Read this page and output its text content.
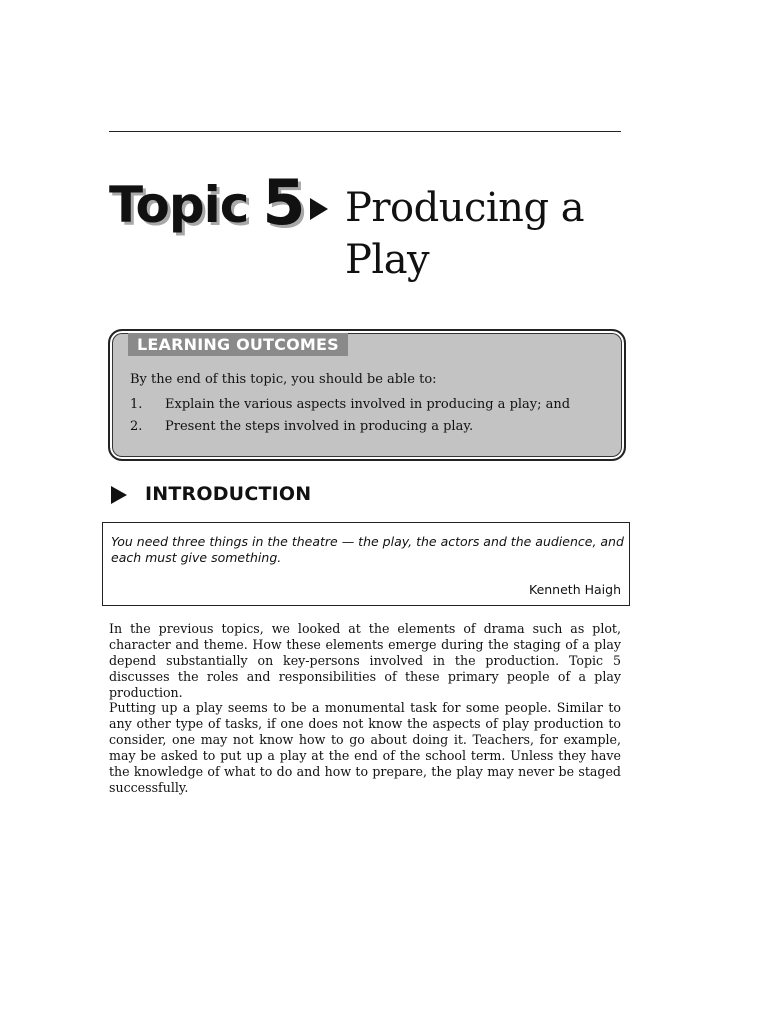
Topic 5 Producing a Play
LEARNING OUTCOMES
By the end of this topic, you should be able to:
1. Explain the various aspects involved in producing a play; and
2. Present the steps involved in producing a play.
INTRODUCTION
You need three things in the theatre — the play, the actors and the audience, and each must give something.
Kenneth Haigh
In the previous topics, we looked at the elements of drama such as plot, character and theme. How these elements emerge during the staging of a play depend substantially on key-persons involved in the production. Topic 5 discusses the roles and responsibilities of these primary people of a play production.
Putting up a play seems to be a monumental task for some people. Similar to any other type of tasks, if one does not know the aspects of play production to consider, one may not know how to go about doing it. Teachers, for example, may be asked to put up a play at the end of the school term. Unless they have the knowledge of what to do and how to prepare, the play may never be staged successfully.
